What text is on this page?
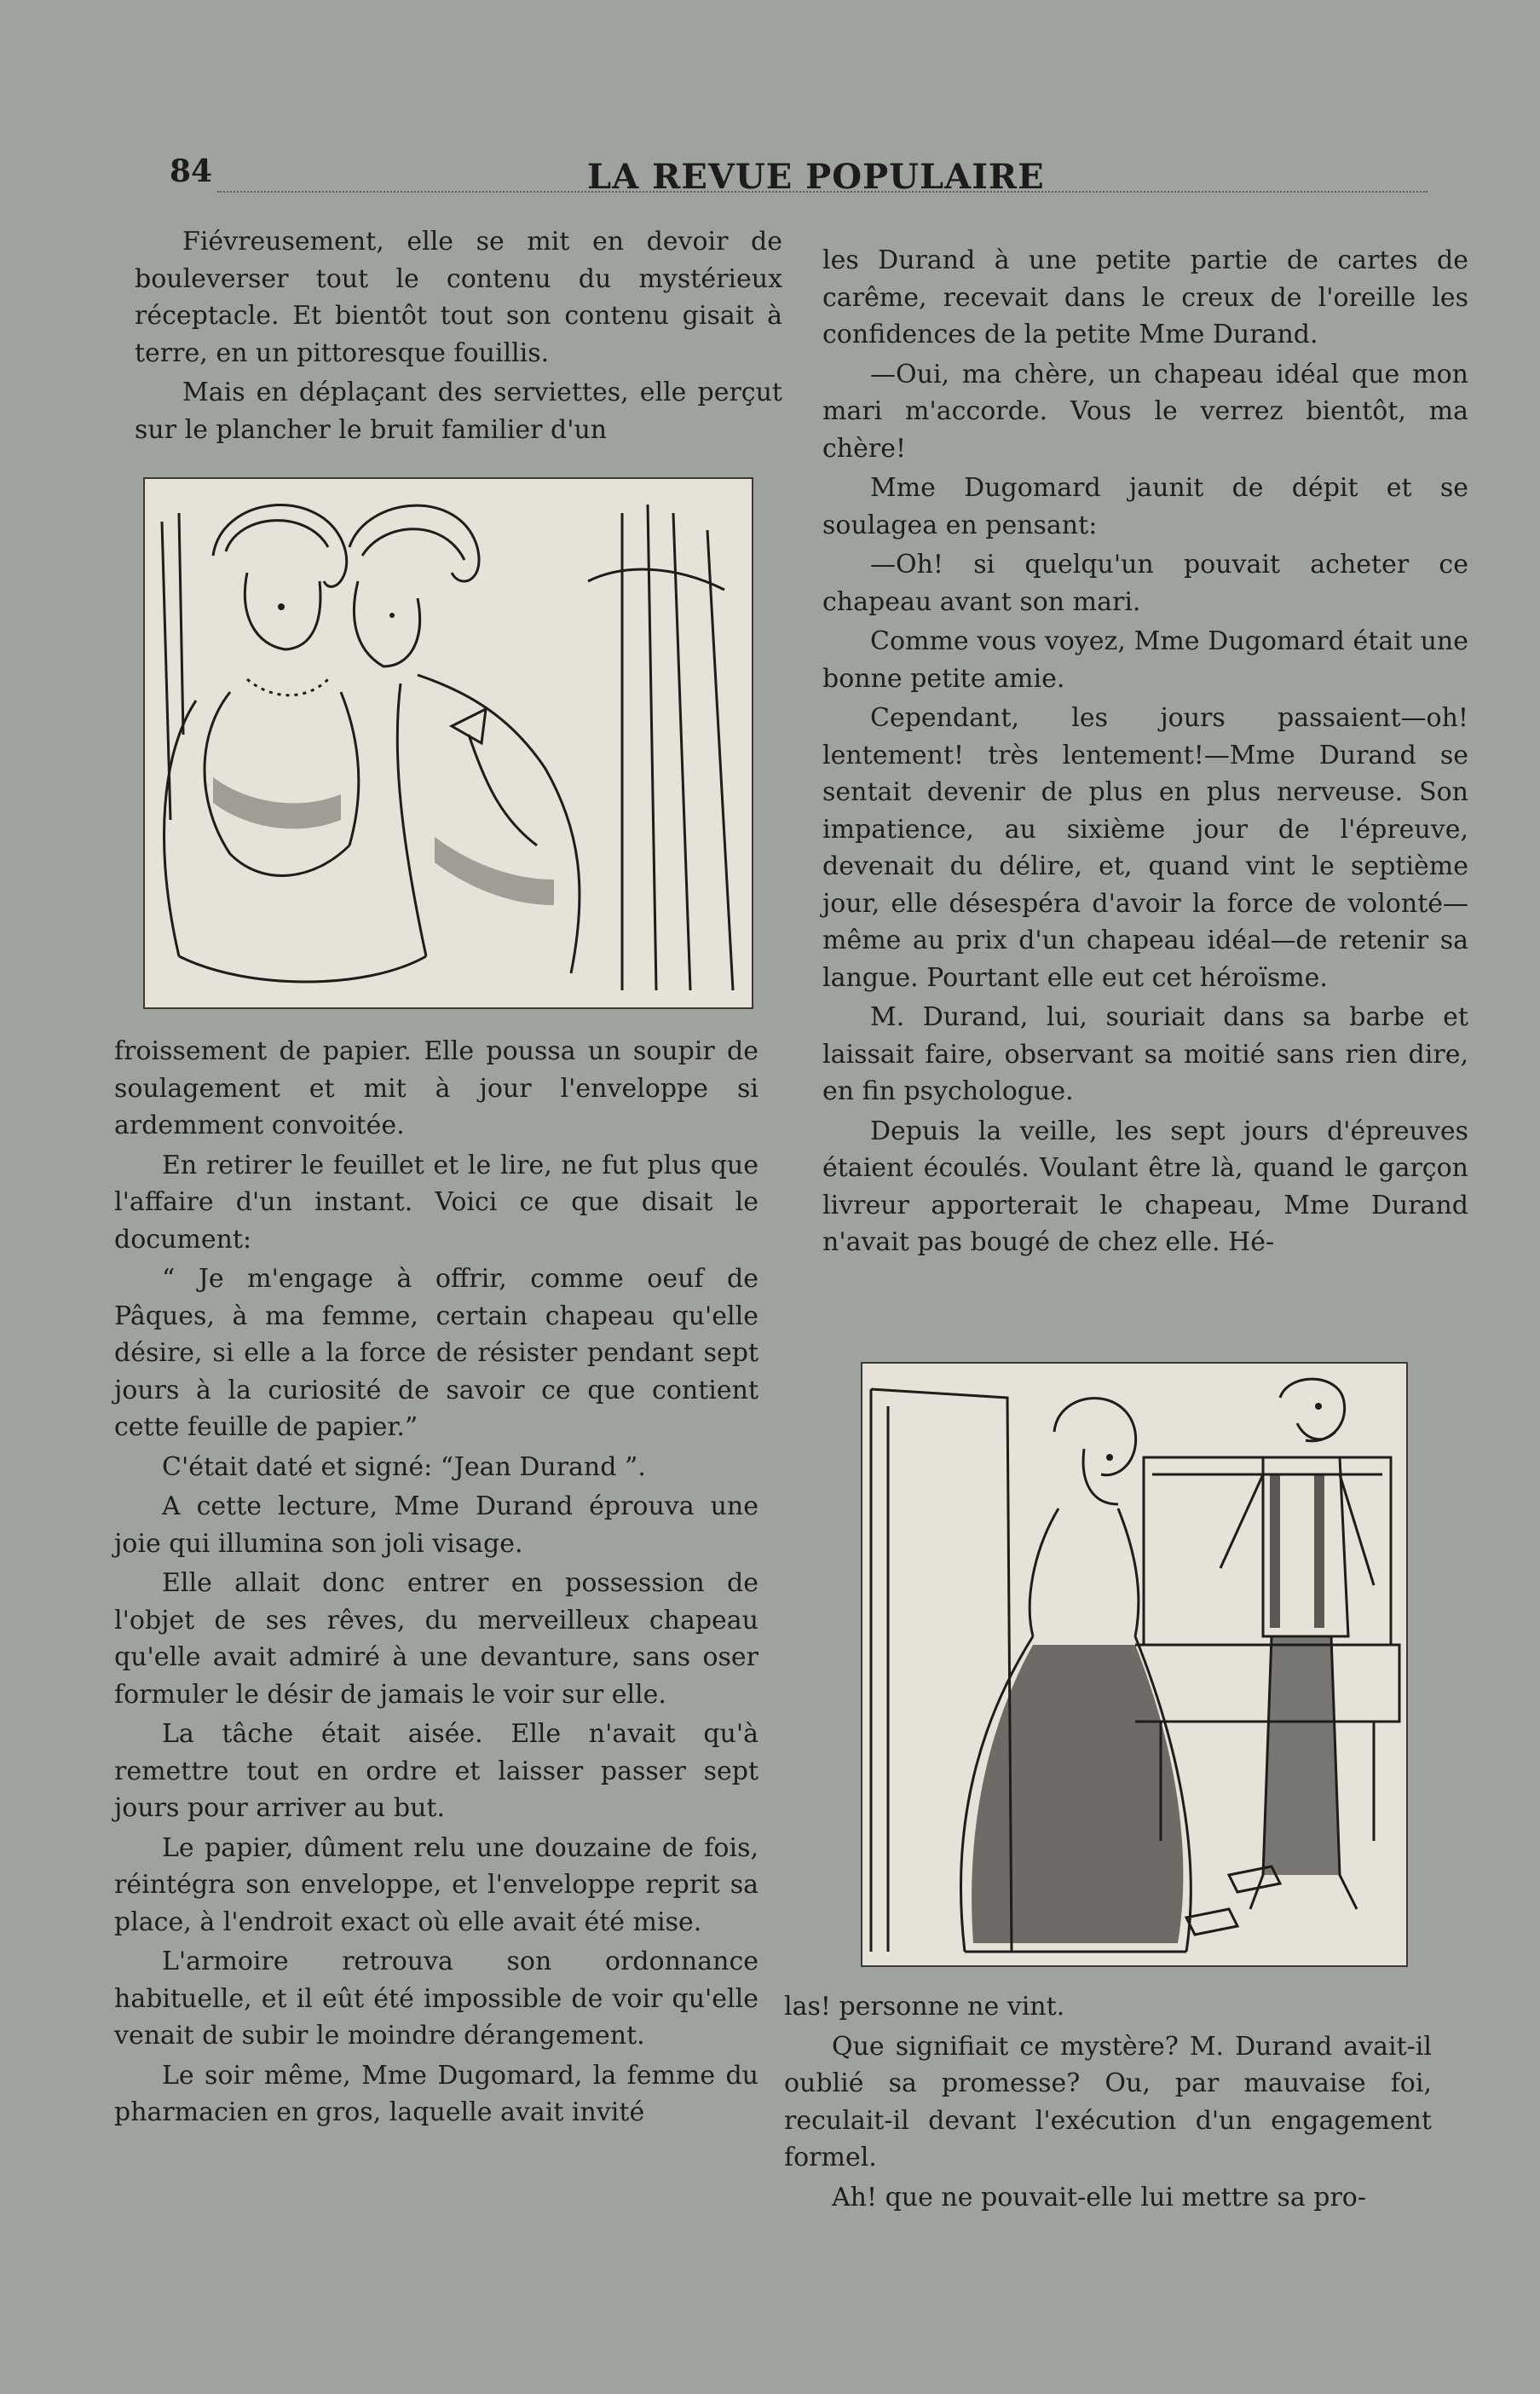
84	LA REVUE POPULAIRE

Fiévreusement, elle se mit en devoir de bouleverser tout le contenu du mystérieux réceptacle. Et bientôt tout son contenu gisait à terre, en un pittoresque fouillis.

Mais en déplaçant des serviettes, elle perçut sur le plancher le bruit familier d'un

froissement de papier. Elle poussa un soupir de soulagement et mit à jour l'enveloppe si ardemment convoitée.

En retirer le feuillet et le lire, ne fut plus que l'affaire d'un instant. Voici ce que disait le document:

“ Je m'engage à offrir, comme oeuf de Pâques, à ma femme, certain chapeau qu'elle désire, si elle a la force de résister pendant sept jours à la curiosité de savoir ce que contient cette feuille de papier.”

C'était daté et signé: “Jean Durand ”.

A cette lecture, Mme Durand éprouva une joie qui illumina son joli visage.

Elle allait donc entrer en possession de l'objet de ses rêves, du merveilleux chapeau qu'elle avait admiré à une devanture, sans oser formuler le désir de jamais le voir sur elle.

La tâche était aisée. Elle n'avait qu'à remettre tout en ordre et laisser passer sept jours pour arriver au but.

Le papier, dûment relu une douzaine de fois, réintégra son enveloppe, et l'enveloppe reprit sa place, à l'endroit exact où elle avait été mise.

L'armoire retrouva son ordonnance habituelle, et il eût été impossible de voir qu'elle venait de subir le moindre dérangement.

Le soir même, Mme Dugomard, la femme du pharmacien en gros, laquelle avait invité

les Durand à une petite partie de cartes de carême, recevait dans le creux de l'oreille les confidences de la petite Mme Durand.

—Oui, ma chère, un chapeau idéal que mon mari m'accorde. Vous le verrez bientôt, ma chère!

Mme Dugomard jaunit de dépit et se soulagea en pensant:

—Oh! si quelqu'un pouvait acheter ce chapeau avant son mari.

Comme vous voyez, Mme Dugomard était une bonne petite amie.

Cependant, les jours passaient—oh! lentement! très lentement!—Mme Durand se sentait devenir de plus en plus nerveuse. Son impatience, au sixième jour de l'épreuve, devenait du délire, et, quand vint le septième jour, elle désespéra d'avoir la force de volonté—même au prix d'un chapeau idéal—de retenir sa langue. Pourtant elle eut cet héroïsme.

M. Durand, lui, souriait dans sa barbe et laissait faire, observant sa moitié sans rien dire, en fin psychologue.

Depuis la veille, les sept jours d'épreuves étaient écoulés. Voulant être là, quand le garçon livreur apporterait le chapeau, Mme Durand n'avait pas bougé de chez elle. Hé-

las! personne ne vint.

Que signifiait ce mystère? M. Durand avait-il oublié sa promesse? Ou, par mauvaise foi, reculait-il devant l'exécution d'un engagement formel.

Ah! que ne pouvait-elle lui mettre sa pro-
